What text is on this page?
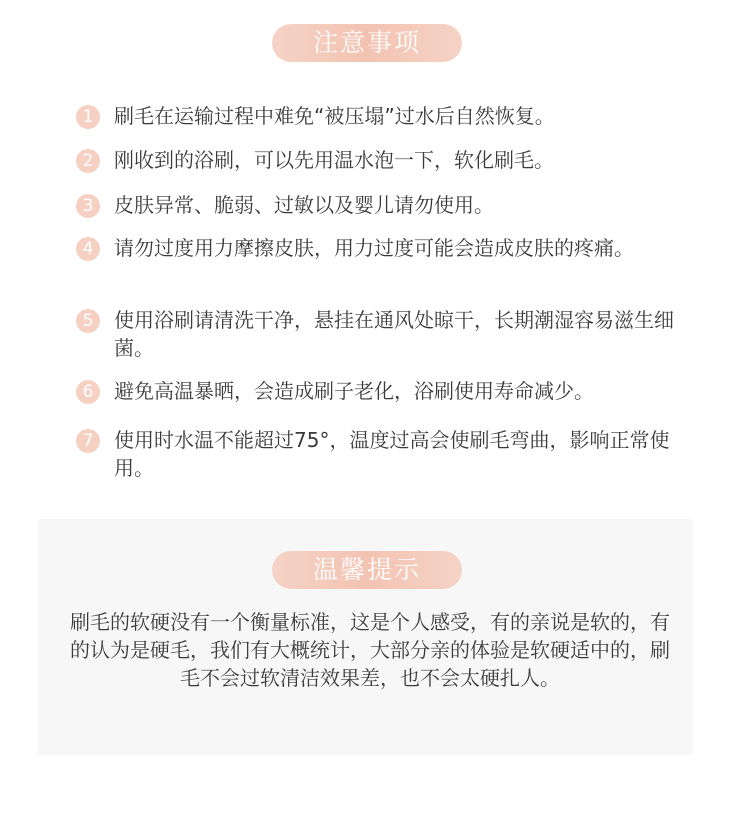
注意事项
1	刷毛在运输过程中难免“被压塌”过水后自然恢复。
2	刚收到的浴刷，可以先用温水泡一下，软化刷毛。
3	皮肤异常、脆弱、过敏以及婴儿请勿使用。
4	请勿过度用力摩擦皮肤，用力过度可能会造成皮肤的疼痛。
5	使用浴刷请清洗干净，悬挂在通风处晾干，长期潮湿容易滋生细菌。
6	避免高温暴晒，会造成刷子老化，浴刷使用寿命减少。
7	使用时水温不能超过75°，温度过高会使刷毛弯曲，影响正常使用。
温馨提示
刷毛的软硬没有一个衡量标准，这是个人感受，有的亲说是软的，有的认为是硬毛，我们有大概统计，大部分亲的体验是软硬适中的，刷毛不会过软清洁效果差，也不会太硬扎人。
